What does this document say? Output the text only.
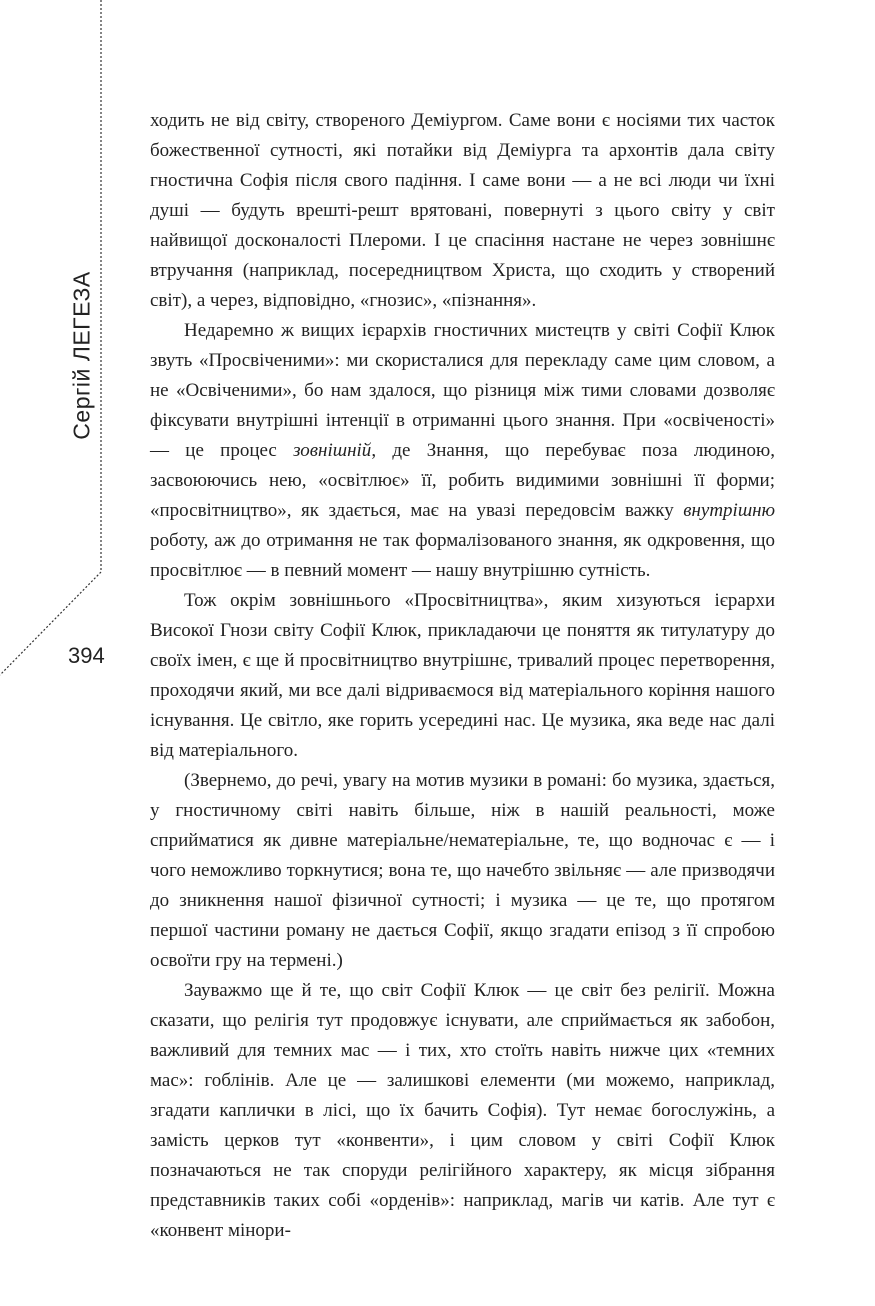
Сергій ЛЕГЕЗА
394

ходить не від світу, створеного Деміургом. Саме вони є носіями тих часток божественної сутності, які потайки від Деміурга та архонтів дала світу гностична Софія після свого падіння. І саме вони — а не всі люди чи їхні душі — будуть врешті-решт врятовані, повернуті з цього світу у світ найвищої досконалості Плероми. І це спасіння настане не через зовнішнє втручання (наприклад, посередництвом Христа, що сходить у створений світ), а через, відповідно, «гнозис», «пізнання».

Недаремно ж вищих ієрархів гностичних мистецтв у світі Софії Клюк звуть «Просвіченими»: ми скористалися для перекладу саме цим словом, а не «Освіченими», бо нам здалося, що різниця між тими словами дозволяє фіксувати внутрішні інтенції в отриманні цього знання. При «освіченості» — це процес зовнішній, де Знання, що перебуває поза людиною, засвоюючись нею, «освітлює» її, робить видимими зовнішні її форми; «просвітництво», як здається, має на увазі передовсім важку внутрішню роботу, аж до отримання не так формалізованого знання, як одкровення, що просвітлює — в певний момент — нашу внутрішню сутність.

Тож окрім зовнішнього «Просвітництва», яким хизуються ієрархи Високої Гнози світу Софії Клюк, прикладаючи це поняття як титулатуру до своїх імен, є ще й просвітництво внутрішнє, тривалий процес перетворення, проходячи який, ми все далі відриваємося від матеріального коріння нашого існування. Це світло, яке горить усередині нас. Це музика, яка веде нас далі від матеріального.

(Звернемо, до речі, увагу на мотив музики в романі: бо музика, здається, у гностичному світі навіть більше, ніж в нашій реальності, може сприйматися як дивне матеріальне/нематеріальне, те, що водночас є — і чого неможливо торкнутися; вона те, що начебто звільняє — але призводячи до зникнення нашої фізичної сутності; і музика — це те, що протягом першої частини роману не дається Софії, якщо згадати епізод з її спробою освоїти гру на термені.)

Зауважмо ще й те, що світ Софії Клюк — це світ без релігії. Можна сказати, що релігія тут продовжує існувати, але сприймається як забобон, важливий для темних мас — і тих, хто стоїть навіть нижче цих «темних мас»: гоблінів. Але це — залишкові елементи (ми можемо, наприклад, згадати каплички в лісі, що їх бачить Софія). Тут немає богослужінь, а замість церков тут «конвенти», і цим словом у світі Софії Клюк позначаються не так споруди релігійного характеру, як місця зібрання представників таких собі «орденів»: наприклад, магів чи катів. Але тут є «конвент мінори-
